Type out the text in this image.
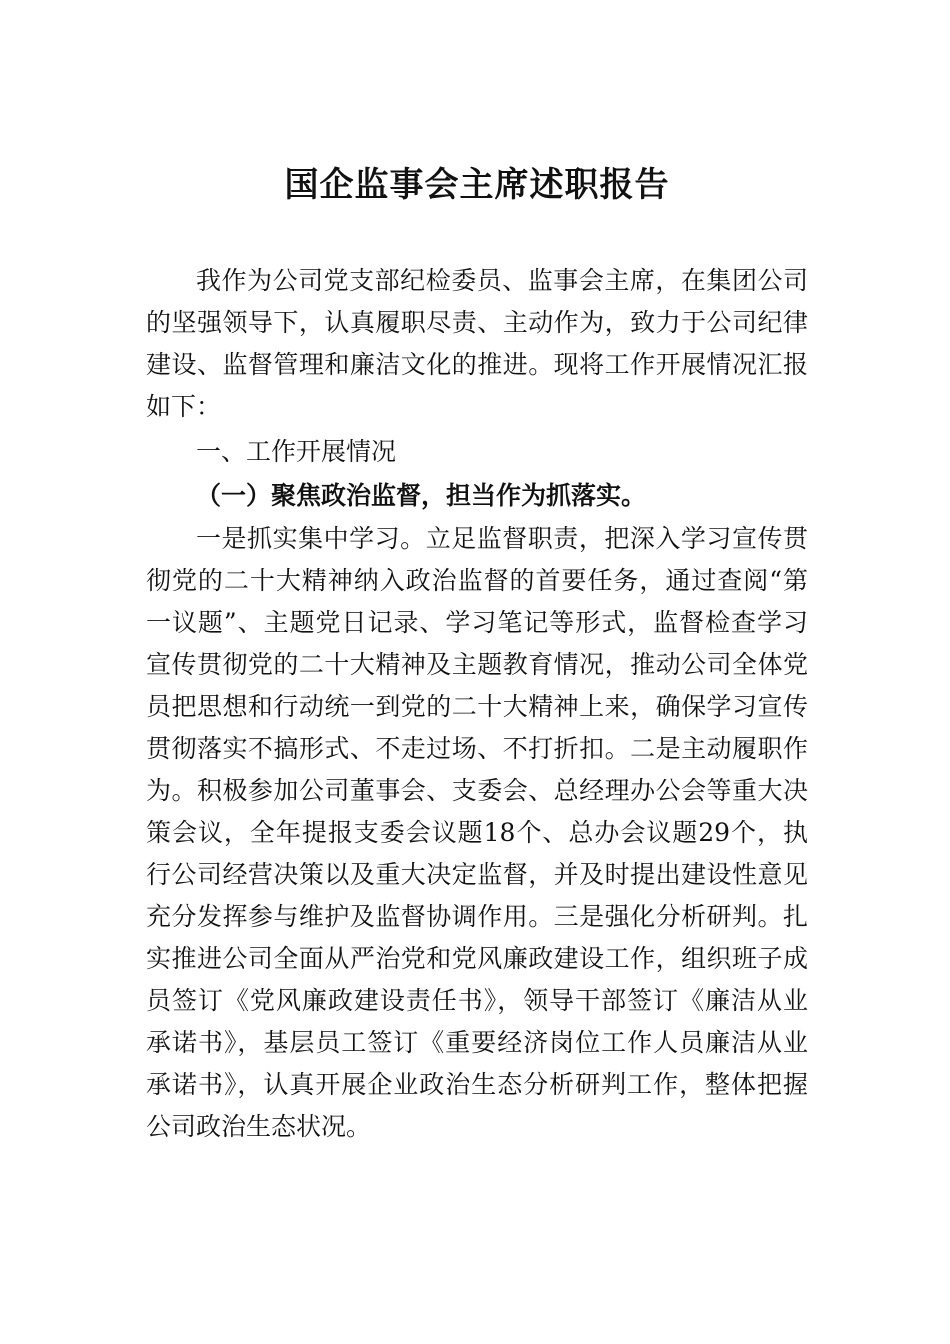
国企监事会主席述职报告

我作为公司党支部纪检委员、监事会主席，在集团公司的坚强领导下，认真履职尽责、主动作为，致力于公司纪律建设、监督管理和廉洁文化的推进。现将工作开展情况汇报如下：

一、工作开展情况
（一）聚焦政治监督，担当作为抓落实。

一是抓实集中学习。立足监督职责，把深入学习宣传贯彻党的二十大精神纳入政治监督的首要任务，通过查阅“第一议题”、主题党日记录、学习笔记等形式，监督检查学习宣传贯彻党的二十大精神及主题教育情况，推动公司全体党员把思想和行动统一到党的二十大精神上来，确保学习宣传贯彻落实不搞形式、不走过场、不打折扣。二是主动履职作为。积极参加公司董事会、支委会、总经理办公会等重大决策会议，全年提报支委会议题18个、总办会议题29个，执行公司经营决策以及重大决定监督，并及时提出建设性意见充分发挥参与维护及监督协调作用。三是强化分析研判。扎实推进公司全面从严治党和党风廉政建设工作，组织班子成员签订《党风廉政建设责任书》，领导干部签订《廉洁从业承诺书》，基层员工签订《重要经济岗位工作人员廉洁从业承诺书》，认真开展企业政治生态分析研判工作，整体把握公司政治生态状况。
